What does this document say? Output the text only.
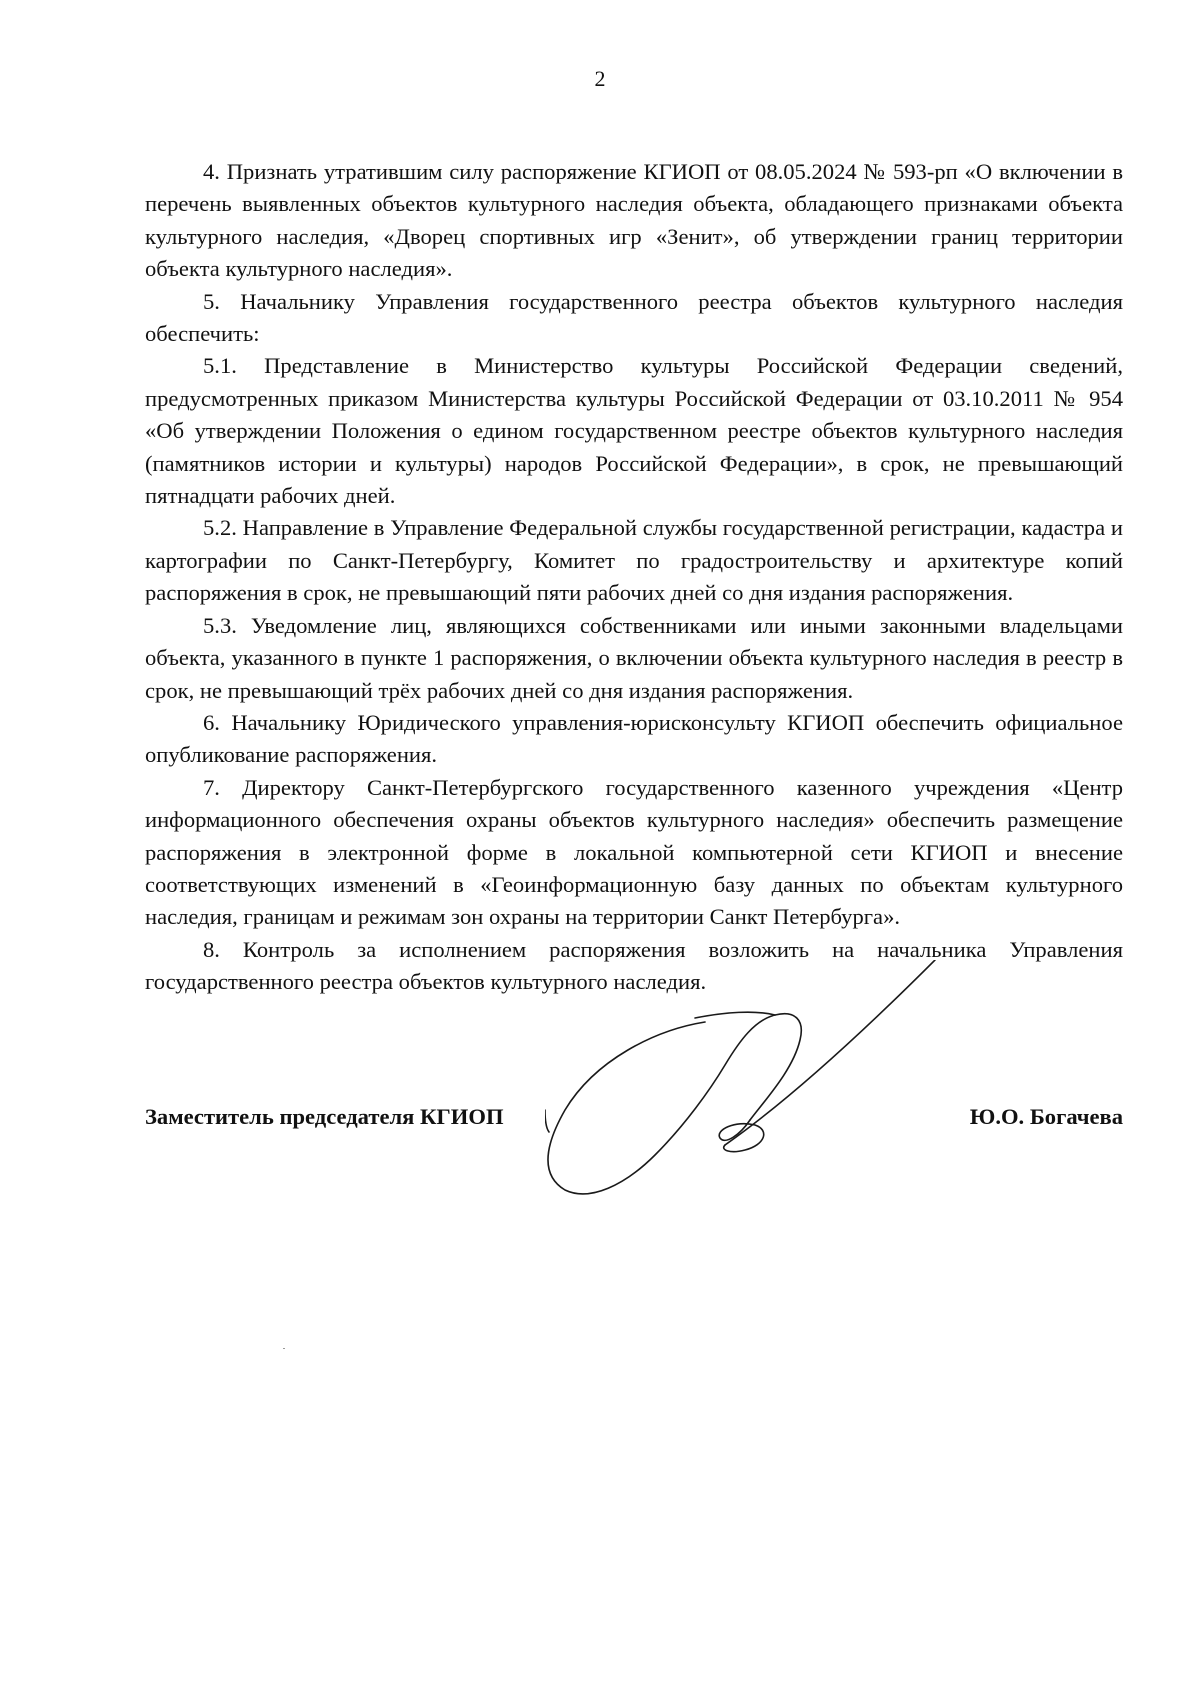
2

4. Признать утратившим силу распоряжение КГИОП от 08.05.2024 № 593-рп «О включении в перечень выявленных объектов культурного наследия объекта, обладающего признаками объекта культурного наследия, «Дворец спортивных игр «Зенит», об утверждении границ территории объекта культурного наследия».

5. Начальнику Управления государственного реестра объектов культурного наследия обеспечить:

5.1. Представление в Министерство культуры Российской Федерации сведений, предусмотренных приказом Министерства культуры Российской Федерации от 03.10.2011 № 954 «Об утверждении Положения о едином государственном реестре объектов культурного наследия (памятников истории и культуры) народов Российской Федерации», в срок, не превышающий пятнадцати рабочих дней.

5.2. Направление в Управление Федеральной службы государственной регистрации, кадастра и картографии по Санкт-Петербургу, Комитет по градостроительству и архитектуре копий распоряжения в срок, не превышающий пяти рабочих дней со дня издания распоряжения.

5.3. Уведомление лиц, являющихся собственниками или иными законными владельцами объекта, указанного в пункте 1 распоряжения, о включении объекта культурного наследия в реестр в срок, не превышающий трёх рабочих дней со дня издания распоряжения.

6. Начальнику Юридического управления-юрисконсульту КГИОП обеспечить официальное опубликование распоряжения.

7. Директору Санкт-Петербургского государственного казенного учреждения «Центр информационного обеспечения охраны объектов культурного наследия» обеспечить размещение распоряжения в электронной форме в локальной компьютерной сети КГИОП и внесение соответствующих изменений в «Геоинформационную базу данных по объектам культурного наследия, границам и режимам зон охраны на территории Санкт Петербурга».

8. Контроль за исполнением распоряжения возложить на начальника Управления государственного реестра объектов культурного наследия.

Заместитель председателя КГИОП	Ю.О. Богачева
